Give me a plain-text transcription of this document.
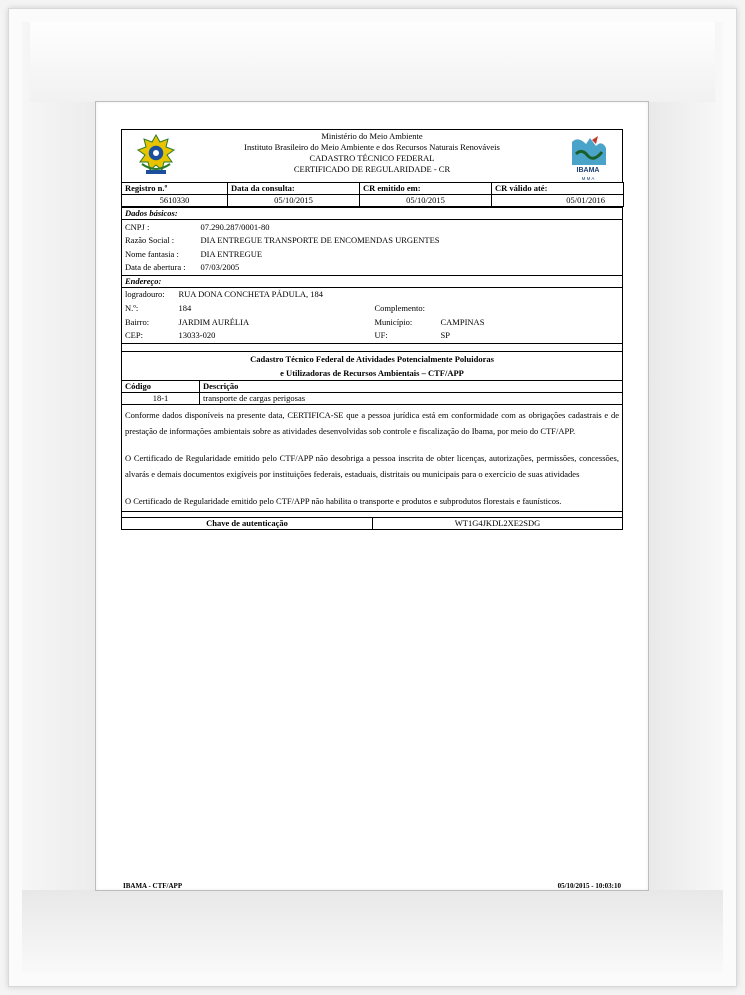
Ministério do Meio Ambiente
Instituto Brasileiro do Meio Ambiente e dos Recursos Naturais Renováveis
CADASTRO TÉCNICO FEDERAL
CERTIFICADO DE REGULARIDADE - CR	IBAMA
M M A
Registro n.º	Data da consulta:	CR emitido em:	CR válido até:
5610330	05/10/2015	05/10/2015	05/01/2016
Dados básicos:	
CNPJ :	07.290.287/0001-80
Razão Social :	DIA ENTREGUE TRANSPORTE DE ENCOMENDAS URGENTES
Nome fantasia :	DIA ENTREGUE
Data de abertura :	07/03/2005
Endereço:			
logradouro:	RUA DONA CONCHETA PÁDULA, 184		
N.º:	184	Complemento:	
Bairro:	JARDIM AURÉLIA	Município:	CAMPINAS
CEP:	13033-020	UF:	SP

Cadastro Técnico Federal de Atividades Potencialmente Poluidoras
e Utilizadoras de Recursos Ambientais – CTF/APP	

Código	Descrição
18-1	transporte de cargas perigosas
Conforme dados disponíveis na presente data, CERTIFICA-SE que a pessoa jurídica está em conformidade com as obrigações cadastrais e de prestação de informações ambientais sobre as atividades desenvolvidas sob controle e fiscalização do Ibama, por meio do CTF/APP.
O Certificado de Regularidade emitido pelo CTF/APP não desobriga a pessoa inscrita de obter licenças, autorizações, permissões, concessões, alvarás e demais documentos exigíveis por instituições federais, estaduais, distritais ou municipais para o exercício de suas atividades
O Certificado de Regularidade emitido pelo CTF/APP não habilita o transporte e produtos e subprodutos florestais e faunísticos.

Chave de autenticação	WT1G4JKDL2XE2SDG
IBAMA - CTF/APP	05/10/2015 - 10:03:10
